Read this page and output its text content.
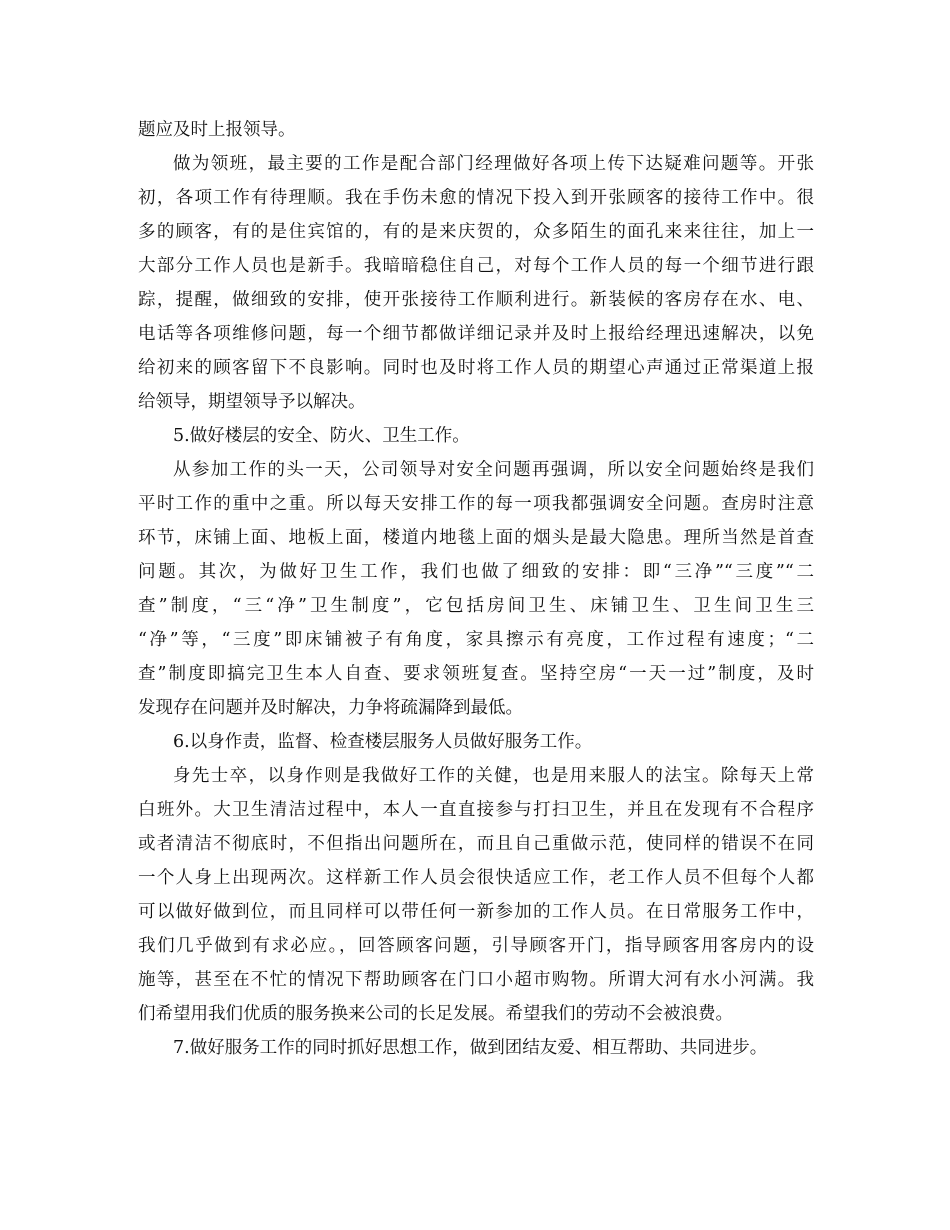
题应及时上报领导。
做为领班，最主要的工作是配合部门经理做好各项上传下达疑难问题等。开张
初，各项工作有待理顺。我在手伤未愈的情况下投入到开张顾客的接待工作中。很
多的顾客，有的是住宾馆的，有的是来庆贺的，众多陌生的面孔来来往往，加上一
大部分工作人员也是新手。我暗暗稳住自己，对每个工作人员的每一个细节进行跟
踪，提醒，做细致的安排，使开张接待工作顺利进行。新装候的客房存在水、电、
电话等各项维修问题，每一个细节都做详细记录并及时上报给经理迅速解决，以免
给初来的顾客留下不良影响。同时也及时将工作人员的期望心声通过正常渠道上报
给领导，期望领导予以解决。
5.做好楼层的安全、防火、卫生工作。
从参加工作的头一天，公司领导对安全问题再强调，所以安全问题始终是我们
平时工作的重中之重。所以每天安排工作的每一项我都强调安全问题。查房时注意
环节，床铺上面、地板上面，楼道内地毯上面的烟头是最大隐患。理所当然是首查
问题。其次，为做好卫生工作，我们也做了细致的安排：即“三净”“三度”“二
查”制度，“三“净”卫生制度”，它包括房间卫生、床铺卫生、卫生间卫生三
“净”等，“三度”即床铺被子有角度，家具擦示有亮度，工作过程有速度；“二
查”制度即搞完卫生本人自查、要求领班复查。坚持空房“一天一过”制度，及时
发现存在问题并及时解决，力争将疏漏降到最低。
6.以身作责，监督、检查楼层服务人员做好服务工作。
身先士卒，以身作则是我做好工作的关健，也是用来服人的法宝。除每天上常
白班外。大卫生清洁过程中，本人一直直接参与打扫卫生，并且在发现有不合程序
或者清洁不彻底时，不但指出问题所在，而且自己重做示范，使同样的错误不在同
一个人身上出现两次。这样新工作人员会很快适应工作，老工作人员不但每个人都
可以做好做到位，而且同样可以带任何一新参加的工作人员。在日常服务工作中，
我们几乎做到有求必应。，回答顾客问题，引导顾客开门，指导顾客用客房内的设
施等，甚至在不忙的情况下帮助顾客在门口小超市购物。所谓大河有水小河满。我
们希望用我们优质的服务换来公司的长足发展。希望我们的劳动不会被浪费。
7.做好服务工作的同时抓好思想工作，做到团结友爱、相互帮助、共同进步。
